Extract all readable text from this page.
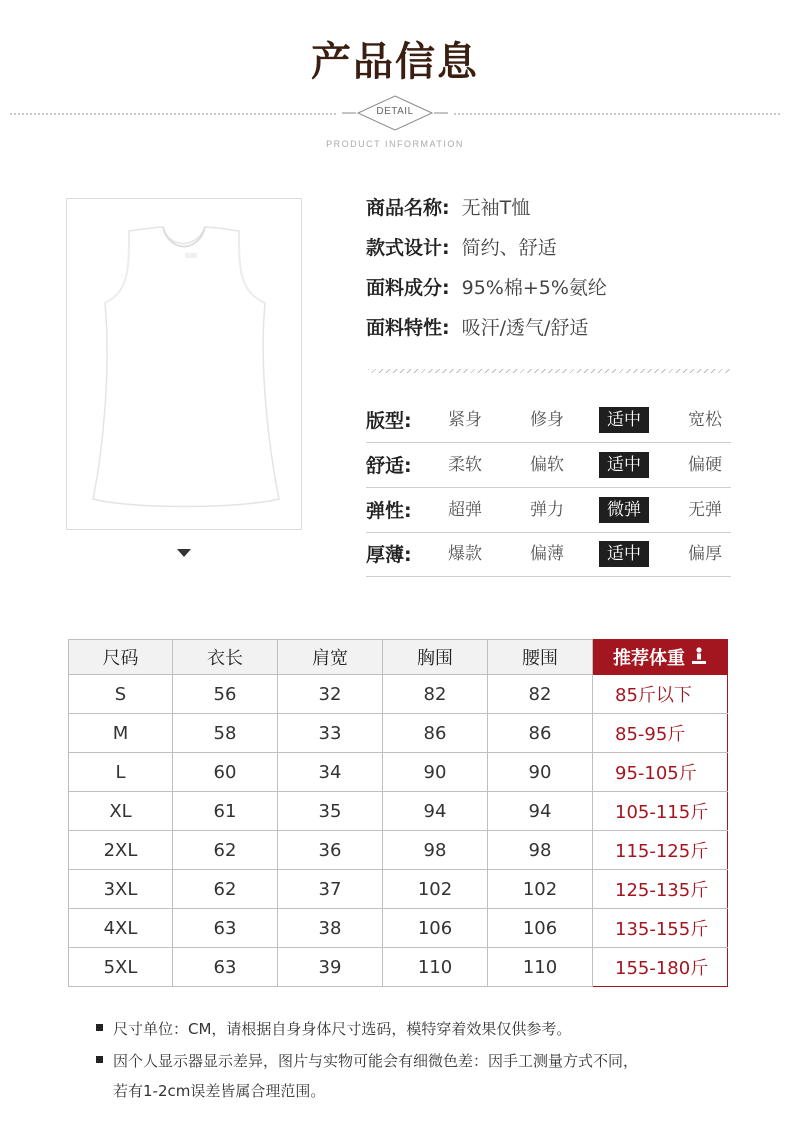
产品信息
DETAIL
PRODUCT INFORMATION
商品名称: 无袖T恤
款式设计: 简约、舒适
面料成分: 95%棉+5%氨纶
面料特性: 吸汗/透气/舒适
版型:	紧身	修身	适中	宽松
舒适:	柔软	偏软	适中	偏硬
弹性:	超弹	弹力	微弹	无弹
厚薄:	爆款	偏薄	适中	偏厚
尺码	衣长	肩宽	胸围	腰围	推荐体重
S	56	32	82	82	85斤以下
M	58	33	86	86	85-95斤
L	60	34	90	90	95-105斤
XL	61	35	94	94	105-115斤
2XL	62	36	98	98	115-125斤
3XL	62	37	102	102	125-135斤
4XL	63	38	106	106	135-155斤
5XL	63	39	110	110	155-180斤
尺寸单位：CM，请根据自身身体尺寸选码，模特穿着效果仅供参考。
因个人显示器显示差异，图片与实物可能会有细微色差：因手工测量方式不同，
若有1-2cm误差皆属合理范围。
